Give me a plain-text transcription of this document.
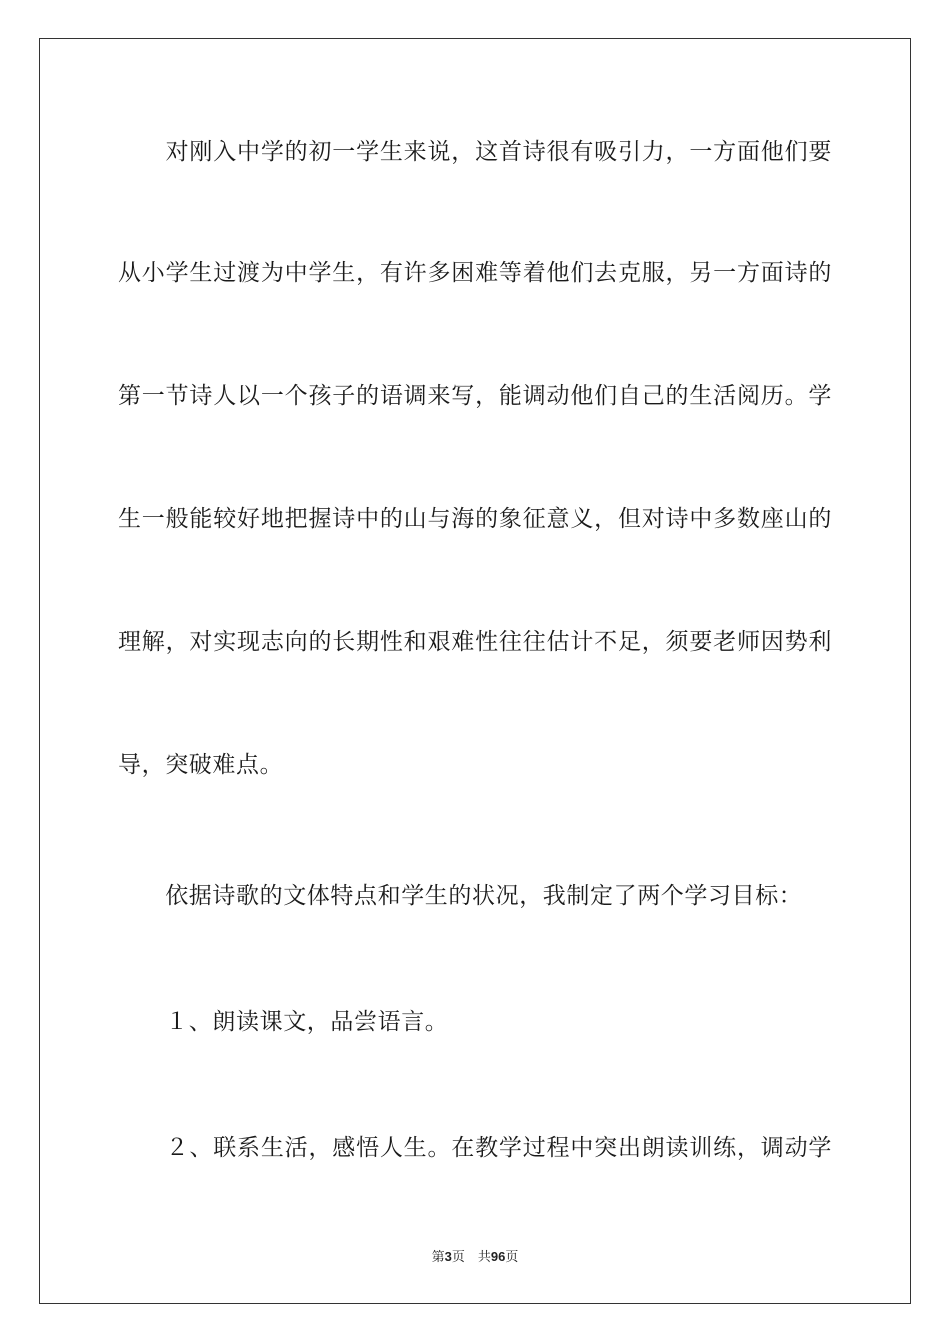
　　对刚入中学的初一学生来说，这首诗很有吸引力，一方面他们要
从小学生过渡为中学生，有许多困难等着他们去克服，另一方面诗的
第一节诗人以一个孩子的语调来写，能调动他们自己的生活阅历。学
生一般能较好地把握诗中的山与海的象征意义，但对诗中多数座山的
理解，对实现志向的长期性和艰难性往往估计不足，须要老师因势利
导，突破难点。
　　依据诗歌的文体特点和学生的状况，我制定了两个学习目标：
　　１、朗读课文，品尝语言。
　　２、联系生活，感悟人生。在教学过程中突出朗读训练，调动学
第3页　共96页
